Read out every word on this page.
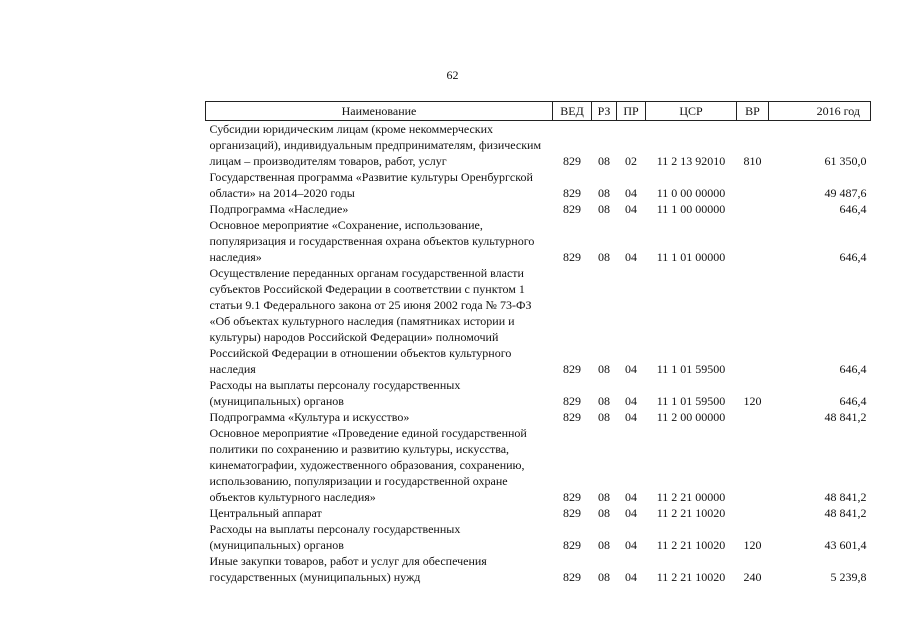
62
Наименование	ВЕД	РЗ	ПР	ЦСР	ВР	2016 год
Субсидии юридическим лицам (кроме некоммерческих организаций), индивидуальным предпринимателям, физическим лицам – производителям товаров, работ, услуг	829	08	02	11 2 13 92010	810	61 350,0
Государственная программа «Развитие культуры Оренбургской области» на 2014–2020 годы	829	08	04	11 0 00 00000		49 487,6
Подпрограмма «Наследие»	829	08	04	11 1 00 00000		646,4
Основное мероприятие «Сохранение, использование, популяризация и государственная охрана объектов культурного наследия»	829	08	04	11 1 01 00000		646,4
Осуществление переданных органам государственной власти субъектов Российской Федерации в соответствии с пунктом 1 статьи 9.1 Федерального закона от 25 июня 2002 года № 73-ФЗ «Об объектах культурного наследия (памятниках истории и культуры) народов Российской Федерации» полномочий Российской Федерации в отношении объектов культурного наследия	829	08	04	11 1 01 59500		646,4
Расходы на выплаты персоналу государственных (муниципальных) органов	829	08	04	11 1 01 59500	120	646,4
Подпрограмма «Культура и искусство»	829	08	04	11 2 00 00000		48 841,2
Основное мероприятие «Проведение единой государственной политики по сохранению и развитию культуры, искусства, кинематографии, художественного образования, сохранению, использованию, популяризации и государственной охране объектов культурного наследия»	829	08	04	11 2 21 00000		48 841,2
Центральный аппарат	829	08	04	11 2 21 10020		48 841,2
Расходы на выплаты персоналу государственных (муниципальных) органов	829	08	04	11 2 21 10020	120	43 601,4
Иные закупки товаров, работ и услуг для обеспечения государственных (муниципальных) нужд	829	08	04	11 2 21 10020	240	5 239,8
